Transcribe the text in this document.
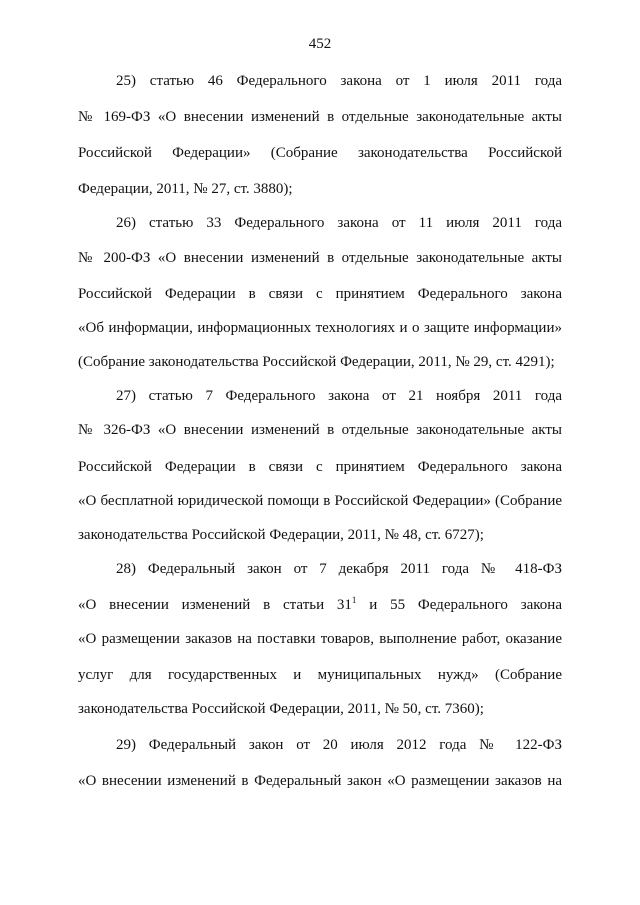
452
25) статью 46 Федерального закона от 1 июля 2011 года
№ 169-ФЗ «О внесении изменений в отдельные законодательные акты
Российской Федерации» (Собрание законодательства Российской
Федерации, 2011, № 27, ст. 3880);
26) статью 33 Федерального закона от 11 июля 2011 года
№ 200-ФЗ «О внесении изменений в отдельные законодательные акты
Российской Федерации в связи с принятием Федерального закона
«Об информации, информационных технологиях и о защите информации»
(Собрание законодательства Российской Федерации, 2011, № 29, ст. 4291);
27) статью 7 Федерального закона от 21 ноября 2011 года
№ 326-ФЗ «О внесении изменений в отдельные законодательные акты
Российской Федерации в связи с принятием Федерального закона
«О бесплатной юридической помощи в Российской Федерации» (Собрание
законодательства Российской Федерации, 2011, № 48, ст. 6727);
28) Федеральный закон от 7 декабря 2011 года № 418-ФЗ
«О внесении изменений в статьи $31^1$ и 55 Федерального закона
«О размещении заказов на поставки товаров, выполнение работ, оказание
услуг для государственных и муниципальных нужд» (Собрание
законодательства Российской Федерации, 2011, № 50, ст. 7360);
29) Федеральный закон от 20 июля 2012 года № 122-ФЗ
«О внесении изменений в Федеральный закон «О размещении заказов на
